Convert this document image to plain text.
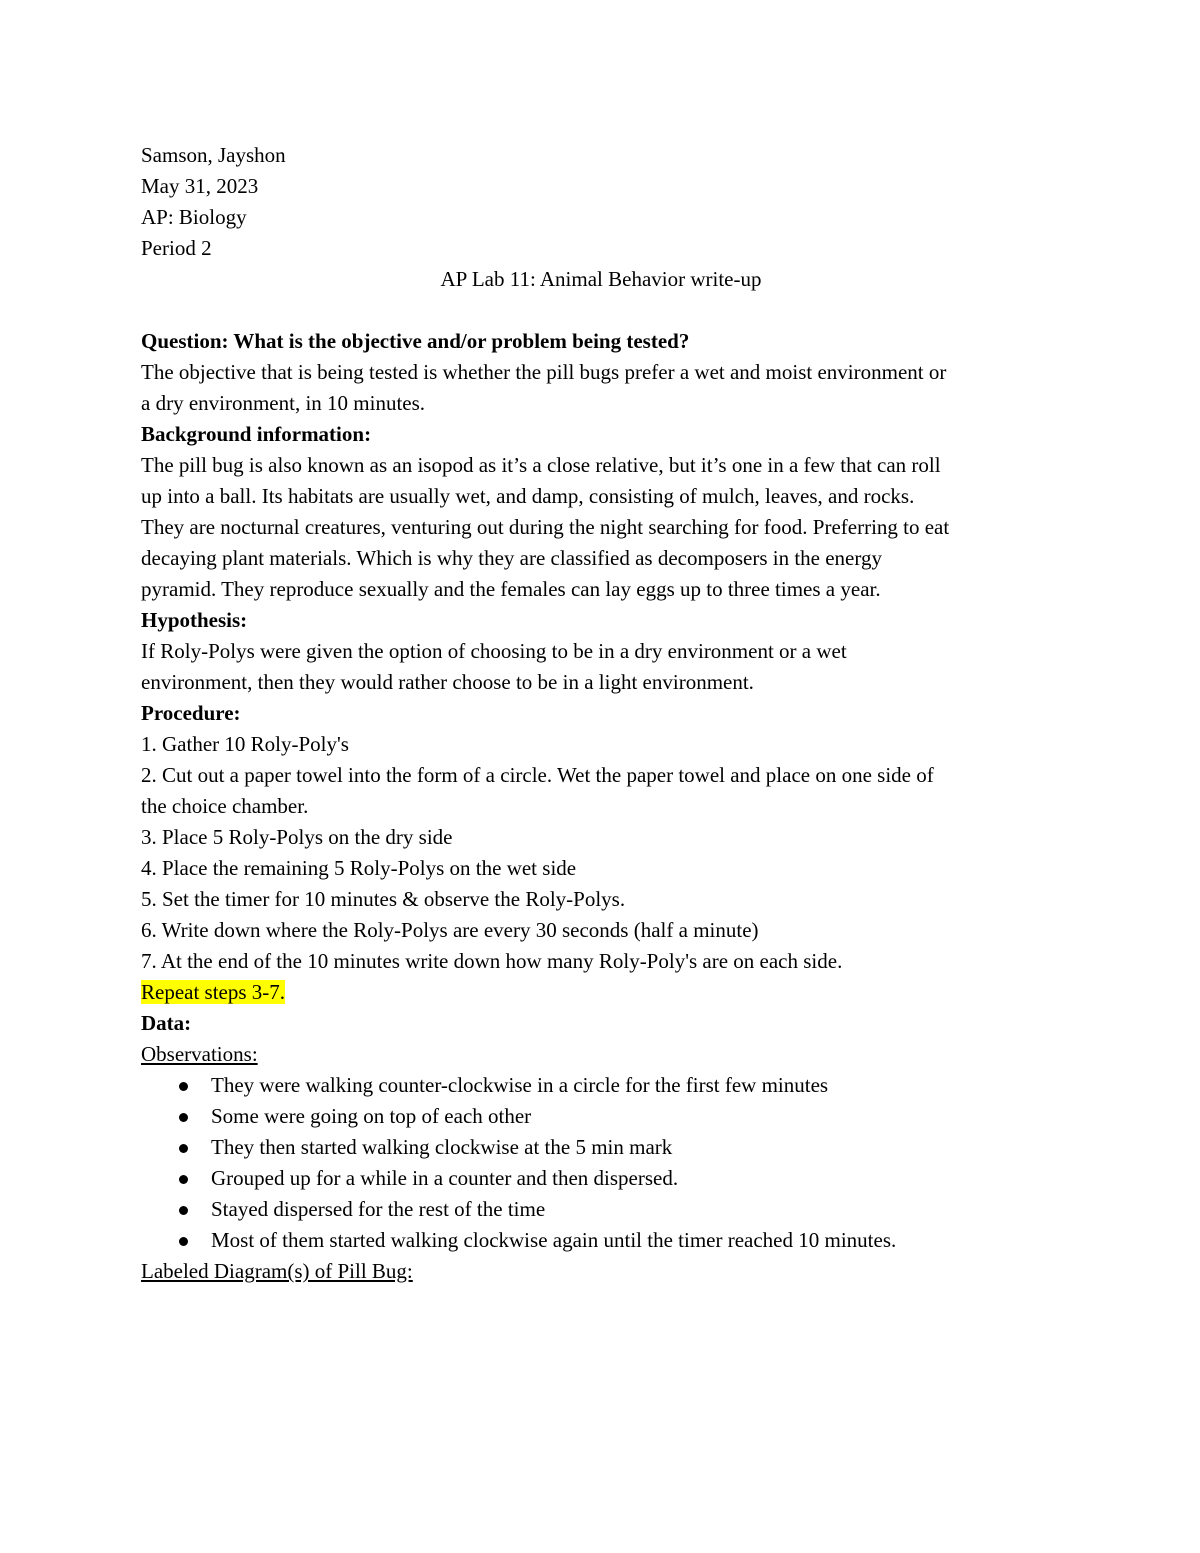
Samson, Jayshon
May 31, 2023
AP: Biology
Period 2
AP Lab 11: Animal Behavior write-up
Question: What is the objective and/or problem being tested?
The objective that is being tested is whether the pill bugs prefer a wet and moist environment or
a dry environment, in 10 minutes.
Background information:
The pill bug is also known as an isopod as it’s a close relative, but it’s one in a few that can roll
up into a ball. Its habitats are usually wet, and damp, consisting of mulch, leaves, and rocks.
They are nocturnal creatures, venturing out during the night searching for food. Preferring to eat
decaying plant materials. Which is why they are classified as decomposers in the energy
pyramid. They reproduce sexually and the females can lay eggs up to three times a year.
Hypothesis:
If Roly-Polys were given the option of choosing to be in a dry environment or a wet
environment, then they would rather choose to be in a light environment.
Procedure:
1. Gather 10 Roly-Poly's
2. Cut out a paper towel into the form of a circle. Wet the paper towel and place on one side of
the choice chamber.
3. Place 5 Roly-Polys on the dry side
4. Place the remaining 5 Roly-Polys on the wet side
5. Set the timer for 10 minutes & observe the Roly-Polys.
6. Write down where the Roly-Polys are every 30 seconds (half a minute)
7. At the end of the 10 minutes write down how many Roly-Poly's are on each side.
Repeat steps 3-7.
Data:
Observations:
They were walking counter-clockwise in a circle for the first few minutes
Some were going on top of each other
They then started walking clockwise at the 5 min mark
Grouped up for a while in a counter and then dispersed.
Stayed dispersed for the rest of the time
Most of them started walking clockwise again until the timer reached 10 minutes.
Labeled Diagram(s) of Pill Bug:
